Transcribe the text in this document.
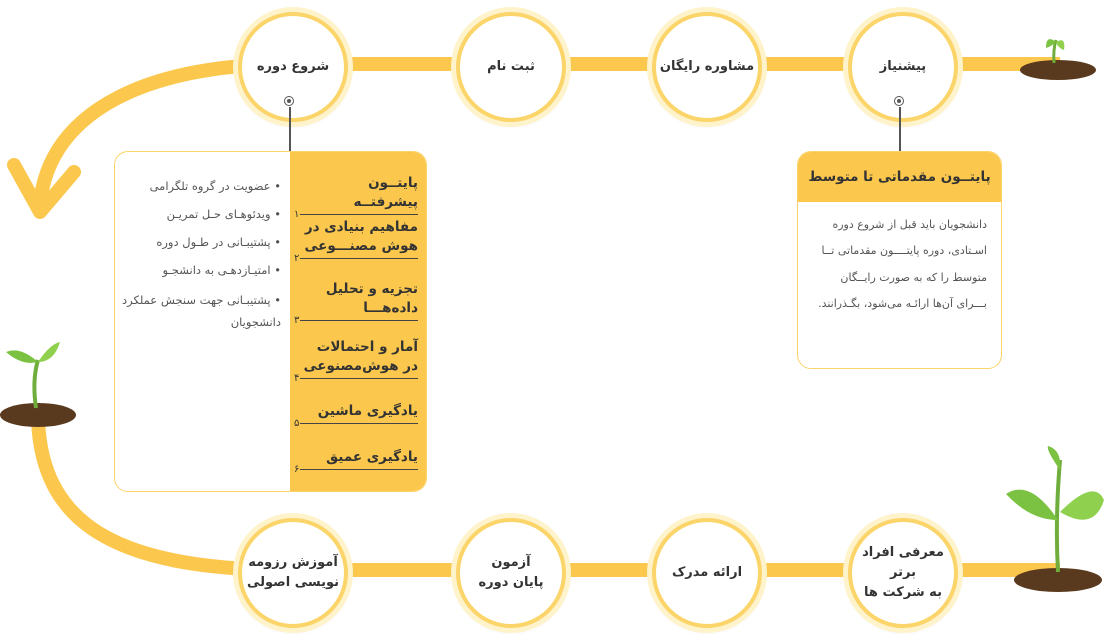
پیشنیاز
مشاوره رایگان
ثبت نام
شروع دوره
معرفی افراد برتر
به شرکت ها
ارائه مدرک
آزمون
پایان دوره
آموزش رزومه
نویسی اصولی
پایتــون مقدماتی تا متوسط
دانشجویان باید قبل از شروع دوره اسـتادی، دوره پایتــــون مقدماتی تــا متوسط را که به صورت رایــگان بـــرای آن‌ها ارائـه می‌شود، بگـذرانند.
پایتــون پیشرفتــه
۱
مفاهیم بنیادی در هوش مصنـــوعی
۲
تجزیه و تحلیل داده‌هـــا
۳
آمار و احتمالات در هوش‌مصنوعی
۴
یادگیری ماشین
۵
یادگیری عمیق
۶
• عضویت در گروه تلگرامی
• ویدئوهـای حـل تمریـن
• پشتیبـانی در طـول دوره
• امتیـازدهـی به دانشجـو
• پشتیبـانی جهت سنجش عملکرد دانشجویان
